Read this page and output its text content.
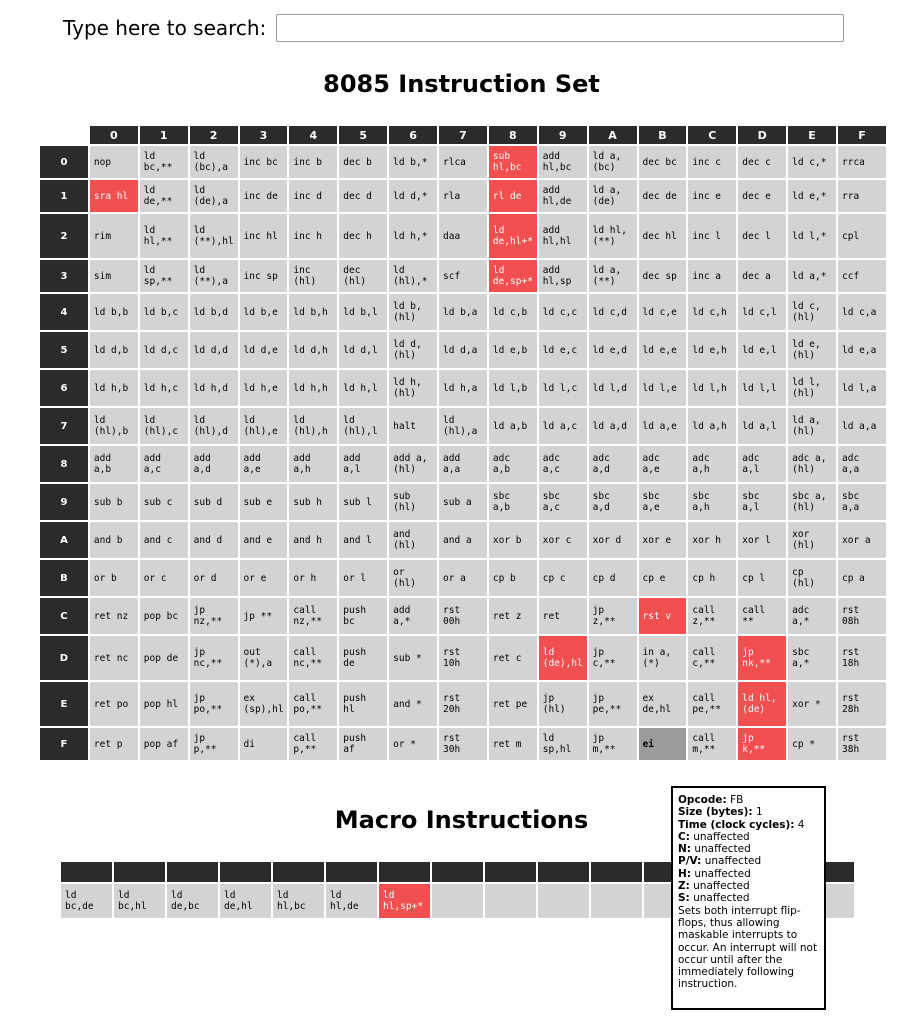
Type here to search:
8085 Instruction Set
	0	1	2	3	4	5	6	7	8	9	A	B	C	D	E	F
0	nop	ld bc,**	ld (bc),a	inc bc	inc b	dec b	ld b,*	rlca	sub hl,bc	add hl,bc	ld a,(bc)	dec bc	inc c	dec c	ld c,*	rrca
1	sra hl	ld de,**	ld (de),a	inc de	inc d	dec d	ld d,*	rla	rl de	add hl,de	ld a,(de)	dec de	inc e	dec e	ld e,*	rra
2	rim	ld hl,**	ld (**),hl	inc hl	inc h	dec h	ld h,*	daa	ld de,hl+*	add hl,hl	ld hl,(**)	dec hl	inc l	dec l	ld l,*	cpl
3	sim	ld sp,**	ld (**),a	inc sp	inc (hl)	dec (hl)	ld (hl),*	scf	ld de,sp+*	add hl,sp	ld a,(**)	dec sp	inc a	dec a	ld a,*	ccf
4	ld b,b	ld b,c	ld b,d	ld b,e	ld b,h	ld b,l	ld b,(hl)	ld b,a	ld c,b	ld c,c	ld c,d	ld c,e	ld c,h	ld c,l	ld c,(hl)	ld c,a
5	ld d,b	ld d,c	ld d,d	ld d,e	ld d,h	ld d,l	ld d,(hl)	ld d,a	ld e,b	ld e,c	ld e,d	ld e,e	ld e,h	ld e,l	ld e,(hl)	ld e,a
6	ld h,b	ld h,c	ld h,d	ld h,e	ld h,h	ld h,l	ld h,(hl)	ld h,a	ld l,b	ld l,c	ld l,d	ld l,e	ld l,h	ld l,l	ld l,(hl)	ld l,a
7	ld (hl),b	ld (hl),c	ld (hl),d	ld (hl),e	ld (hl),h	ld (hl),l	halt	ld (hl),a	ld a,b	ld a,c	ld a,d	ld a,e	ld a,h	ld a,l	ld a,(hl)	ld a,a
8	add a,b	add a,c	add a,d	add a,e	add a,h	add a,l	add a,(hl)	add a,a	adc a,b	adc a,c	adc a,d	adc a,e	adc a,h	adc a,l	adc a,(hl)	adc a,a
9	sub b	sub c	sub d	sub e	sub h	sub l	sub (hl)	sub a	sbc a,b	sbc a,c	sbc a,d	sbc a,e	sbc a,h	sbc a,l	sbc a,(hl)	sbc a,a
A	and b	and c	and d	and e	and h	and l	and (hl)	and a	xor b	xor c	xor d	xor e	xor h	xor l	xor (hl)	xor a
B	or b	or c	or d	or e	or h	or l	or (hl)	or a	cp b	cp c	cp d	cp e	cp h	cp l	cp (hl)	cp a
C	ret nz	pop bc	jp nz,**	jp **	call nz,**	push bc	add a,*	rst 00h	ret z	ret	jp z,**	rst v	call z,**	call **	adc a,*	rst 08h
D	ret nc	pop de	jp nc,**	out (*),a	call nc,**	push de	sub *	rst 10h	ret c	ld (de),hl	jp c,**	in a,(*)	call c,**	jp nk,**	sbc a,*	rst 18h
E	ret po	pop hl	jp po,**	ex (sp),hl	call po,**	push hl	and *	rst 20h	ret pe	jp (hl)	jp pe,**	ex de,hl	call pe,**	ld hl,(de)	xor *	rst 28h
F	ret p	pop af	jp p,**	di	call p,**	push af	or *	rst 30h	ret m	ld sp,hl	jp m,**	ei	call m,**	jp k,**	cp *	rst 38h
Macro Instructions

ld bc,de	ld bc,hl	ld de,bc	ld de,hl	ld hl,bc	ld hl,de	ld hl,sp+*								
Opcode: FB
Size (bytes): 1
Time (clock cycles): 4
C: unaffected
N: unaffected
P/V: unaffected
H: unaffected
Z: unaffected
S: unaffected
Sets both interrupt flip-flops, thus allowing maskable interrupts to occur. An interrupt will not occur until after the immediately following instruction.
